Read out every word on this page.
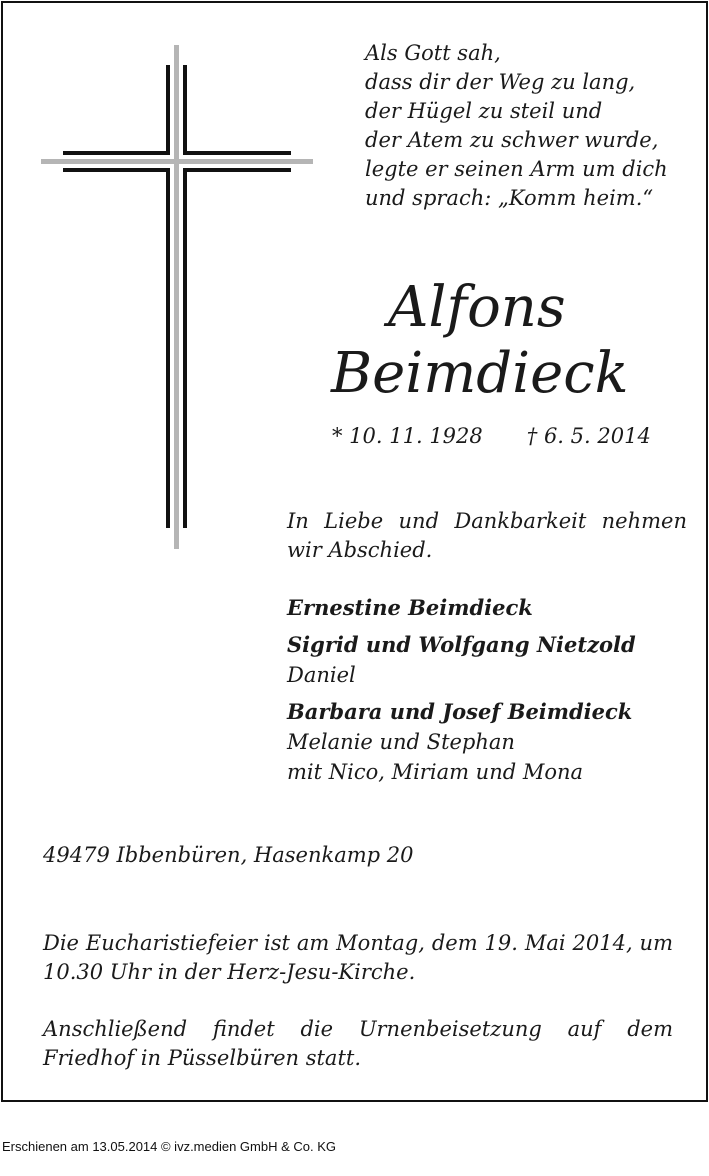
Als Gott sah,
dass dir der Weg zu lang,
der Hügel zu steil und
der Atem zu schwer wurde,
legte er seinen Arm um dich
und sprach: „Komm heim.“
Alfons
Beimdieck
* 10. 11. 1928 † 6. 5. 2014
In Liebe und Dankbarkeit nehmen wir Abschied.
Ernestine Beimdieck
Sigrid und Wolfgang Nietzold
Daniel
Barbara und Josef Beimdieck
Melanie und Stephan
mit Nico, Miriam und Mona
49479 Ibbenbüren, Hasenkamp 20
Die Eucharistiefeier ist am Montag, dem 19. Mai 2014, um 10.30 Uhr in der Herz-Jesu-Kirche.
Anschließend findet die Urnenbeisetzung auf dem Friedhof in Püsselbüren statt.
Erschienen am 13.05.2014 © ivz.medien GmbH & Co. KG
